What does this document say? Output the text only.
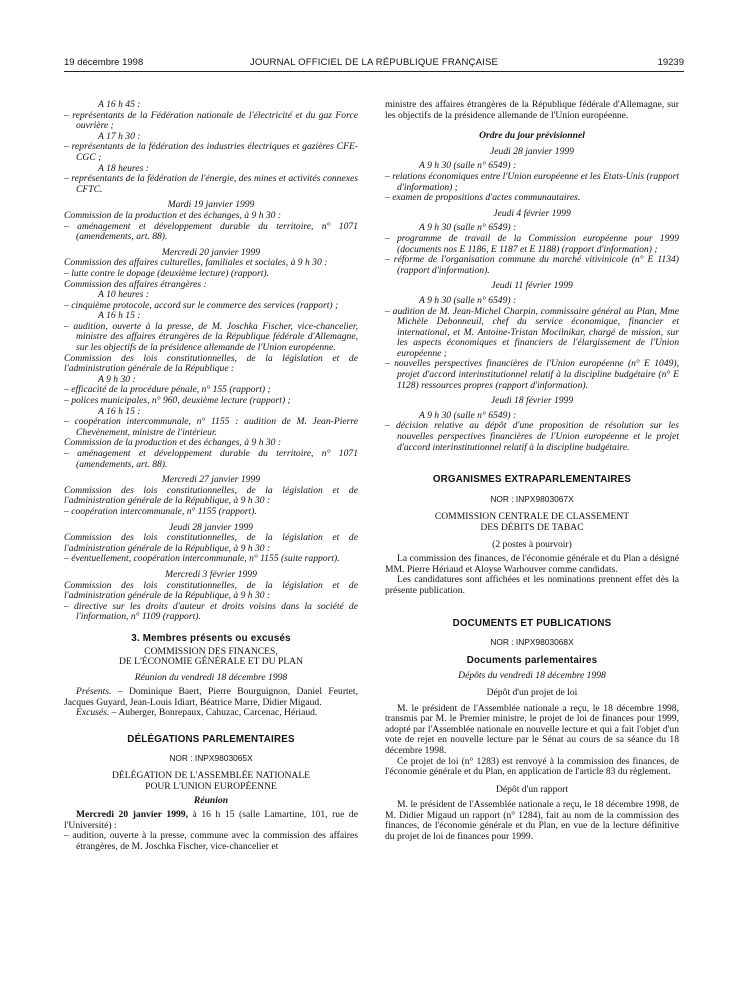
19 décembre 1998	JOURNAL OFFICIEL DE LA RÉPUBLIQUE FRANÇAISE	19239

A 16 h 45 :

– représentants de la Fédération nationale de l'électricité et du gaz Force ouvrière ;

A 17 h 30 :

– représentants de la fédération des industries électriques et gazières CFE-CGC ;

A 18 heures :

– représentants de la fédération de l'énergie, des mines et activités connexes CFTC.

Mardi 19 janvier 1999

Commission de la production et des échanges, à 9 h 30 :

– aménagement et développement durable du territoire, n° 1071 (amendements, art. 88).

Mercredi 20 janvier 1999

Commission des affaires culturelles, familiales et sociales, à 9 h 30 :

– lutte contre le dopage (deuxième lecture) (rapport).

Commission des affaires étrangères :

A 10 heures :

– cinquième protocole, accord sur le commerce des services (rapport) ;

A 16 h 15 :

– audition, ouverte à la presse, de M. Joschka Fischer, vice-chancelier, ministre des affaires étrangères de la République fédérale d'Allemagne, sur les objectifs de la présidence allemande de l'Union européenne.

Commission des lois constitutionnelles, de la législation et de l'administration générale de la République :

A 9 h 30 :

– efficacité de la procédure pénale, n° 155 (rapport) ;

– polices municipales, n° 960, deuxième lecture (rapport) ;

A 16 h 15 :

– coopération intercommunale, n° 1155 : audition de M. Jean-Pierre Chevènement, ministre de l'intérieur.

Commission de la production et des échanges, à 9 h 30 :

– aménagement et développement durable du territoire, n° 1071 (amendements, art. 88).

Mercredi 27 janvier 1999

Commission des lois constitutionnelles, de la législation et de l'administration générale de la République, à 9 h 30 :

– coopération intercommunale, n° 1155 (rapport).

Jeudi 28 janvier 1999

Commission des lois constitutionnelles, de la législation et de l'administration générale de la République, à 9 h 30 :

– éventuellement, coopération intercommunale, n° 1155 (suite rapport).

Mercredi 3 février 1999

Commission des lois constitutionnelles, de la législation et de l'administration générale de la République, à 9 h 30 :

– directive sur les droits d'auteur et droits voisins dans la société de l'information, n° 1109 (rapport).

3. Membres présents ou excusés

COMMISSION DES FINANCES,

DE L'ÉCONOMIE GÉNÉRALE ET DU PLAN

Réunion du vendredi 18 décembre 1998

Présents. – Dominique Baert, Pierre Bourguignon, Daniel Feurtet, Jacques Guyard, Jean-Louis Idiart, Béatrice Marre, Didier Migaud.

Excusés. – Auberger, Bonrepaux, Cahuzac, Carcenac, Hériaud.

DÉLÉGATIONS PARLEMENTAIRES

NOR : INPX9803065X

DÉLÉGATION DE L'ASSEMBLÉE NATIONALE

POUR L'UNION EUROPÉENNE

Réunion

Mercredi 20 janvier 1999, à 16 h 15 (salle Lamartine, 101, rue de l'Université) :

– audition, ouverte à la presse, commune avec la commission des affaires étrangères, de M. Joschka Fischer, vice-chancelier et

ministre des affaires étrangères de la République fédérale d'Allemagne, sur les objectifs de la présidence allemande de l'Union européenne.

Ordre du jour prévisionnel

Jeudi 28 janvier 1999

A 9 h 30 (salle n° 6549) :

– relations économiques entre l'Union européenne et les Etats-Unis (rapport d'information) ;

– examen de propositions d'actes communautaires.

Jeudi 4 février 1999

A 9 h 30 (salle n° 6549) :

– programme de travail de la Commission européenne pour 1999 (documents nos E 1186, E 1187 et E 1188) (rapport d'information) ;

– réforme de l'organisation commune du marché vitivinicole (n° E 1134) (rapport d'information).

Jeudi 11 février 1999

A 9 h 30 (salle n° 6549) :

– audition de M. Jean-Michel Charpin, commissaire général au Plan, Mme Michèle Debonneuil, chef du service économique, financier et international, et M. Antoine-Tristan Mocilnikar, chargé de mission, sur les aspects économiques et financiers de l'élargissement de l'Union européenne ;

– nouvelles perspectives financières de l'Union européenne (n° E 1049), projet d'accord interinstitutionnel relatif à la discipline budgétaire (n° E 1128) ressources propres (rapport d'information).

Jeudi 18 février 1999

A 9 h 30 (salle n° 6549) :

– décision relative au dépôt d'une proposition de résolution sur les nouvelles perspectives financières de l'Union européenne et le projet d'accord interinstitutionnel relatif à la discipline budgétaire.

ORGANISMES EXTRAPARLEMENTAIRES

NOR : INPX9803067X

COMMISSION CENTRALE DE CLASSEMENT

DES DÉBITS DE TABAC

(2 postes à pourvoir)

La commission des finances, de l'économie générale et du Plan a désigné MM. Pierre Hériaud et Aloyse Warhouver comme candidats.

Les candidatures sont affichées et les nominations prennent effet dès la présente publication.

DOCUMENTS ET PUBLICATIONS

NOR : INPX9803068X

Documents parlementaires

Dépôts du vendredi 18 décembre 1998

Dépôt d'un projet de loi

M. le président de l'Assemblée nationale a reçu, le 18 décembre 1998, transmis par M. le Premier ministre, le projet de loi de finances pour 1999, adopté par l'Assemblée nationale en nouvelle lecture et qui a fait l'objet d'un vote de rejet en nouvelle lecture par le Sénat au cours de sa séance du 18 décembre 1998.

Ce projet de loi (n° 1283) est renvoyé à la commission des finances, de l'économie générale et du Plan, en application de l'article 83 du règlement.

Dépôt d'un rapport

M. le président de l'Assemblée nationale a reçu, le 18 décembre 1998, de M. Didier Migaud un rapport (n° 1284), fait au nom de la commission des finances, de l'économie générale et du Plan, en vue de la lecture définitive du projet de loi de finances pour 1999.
